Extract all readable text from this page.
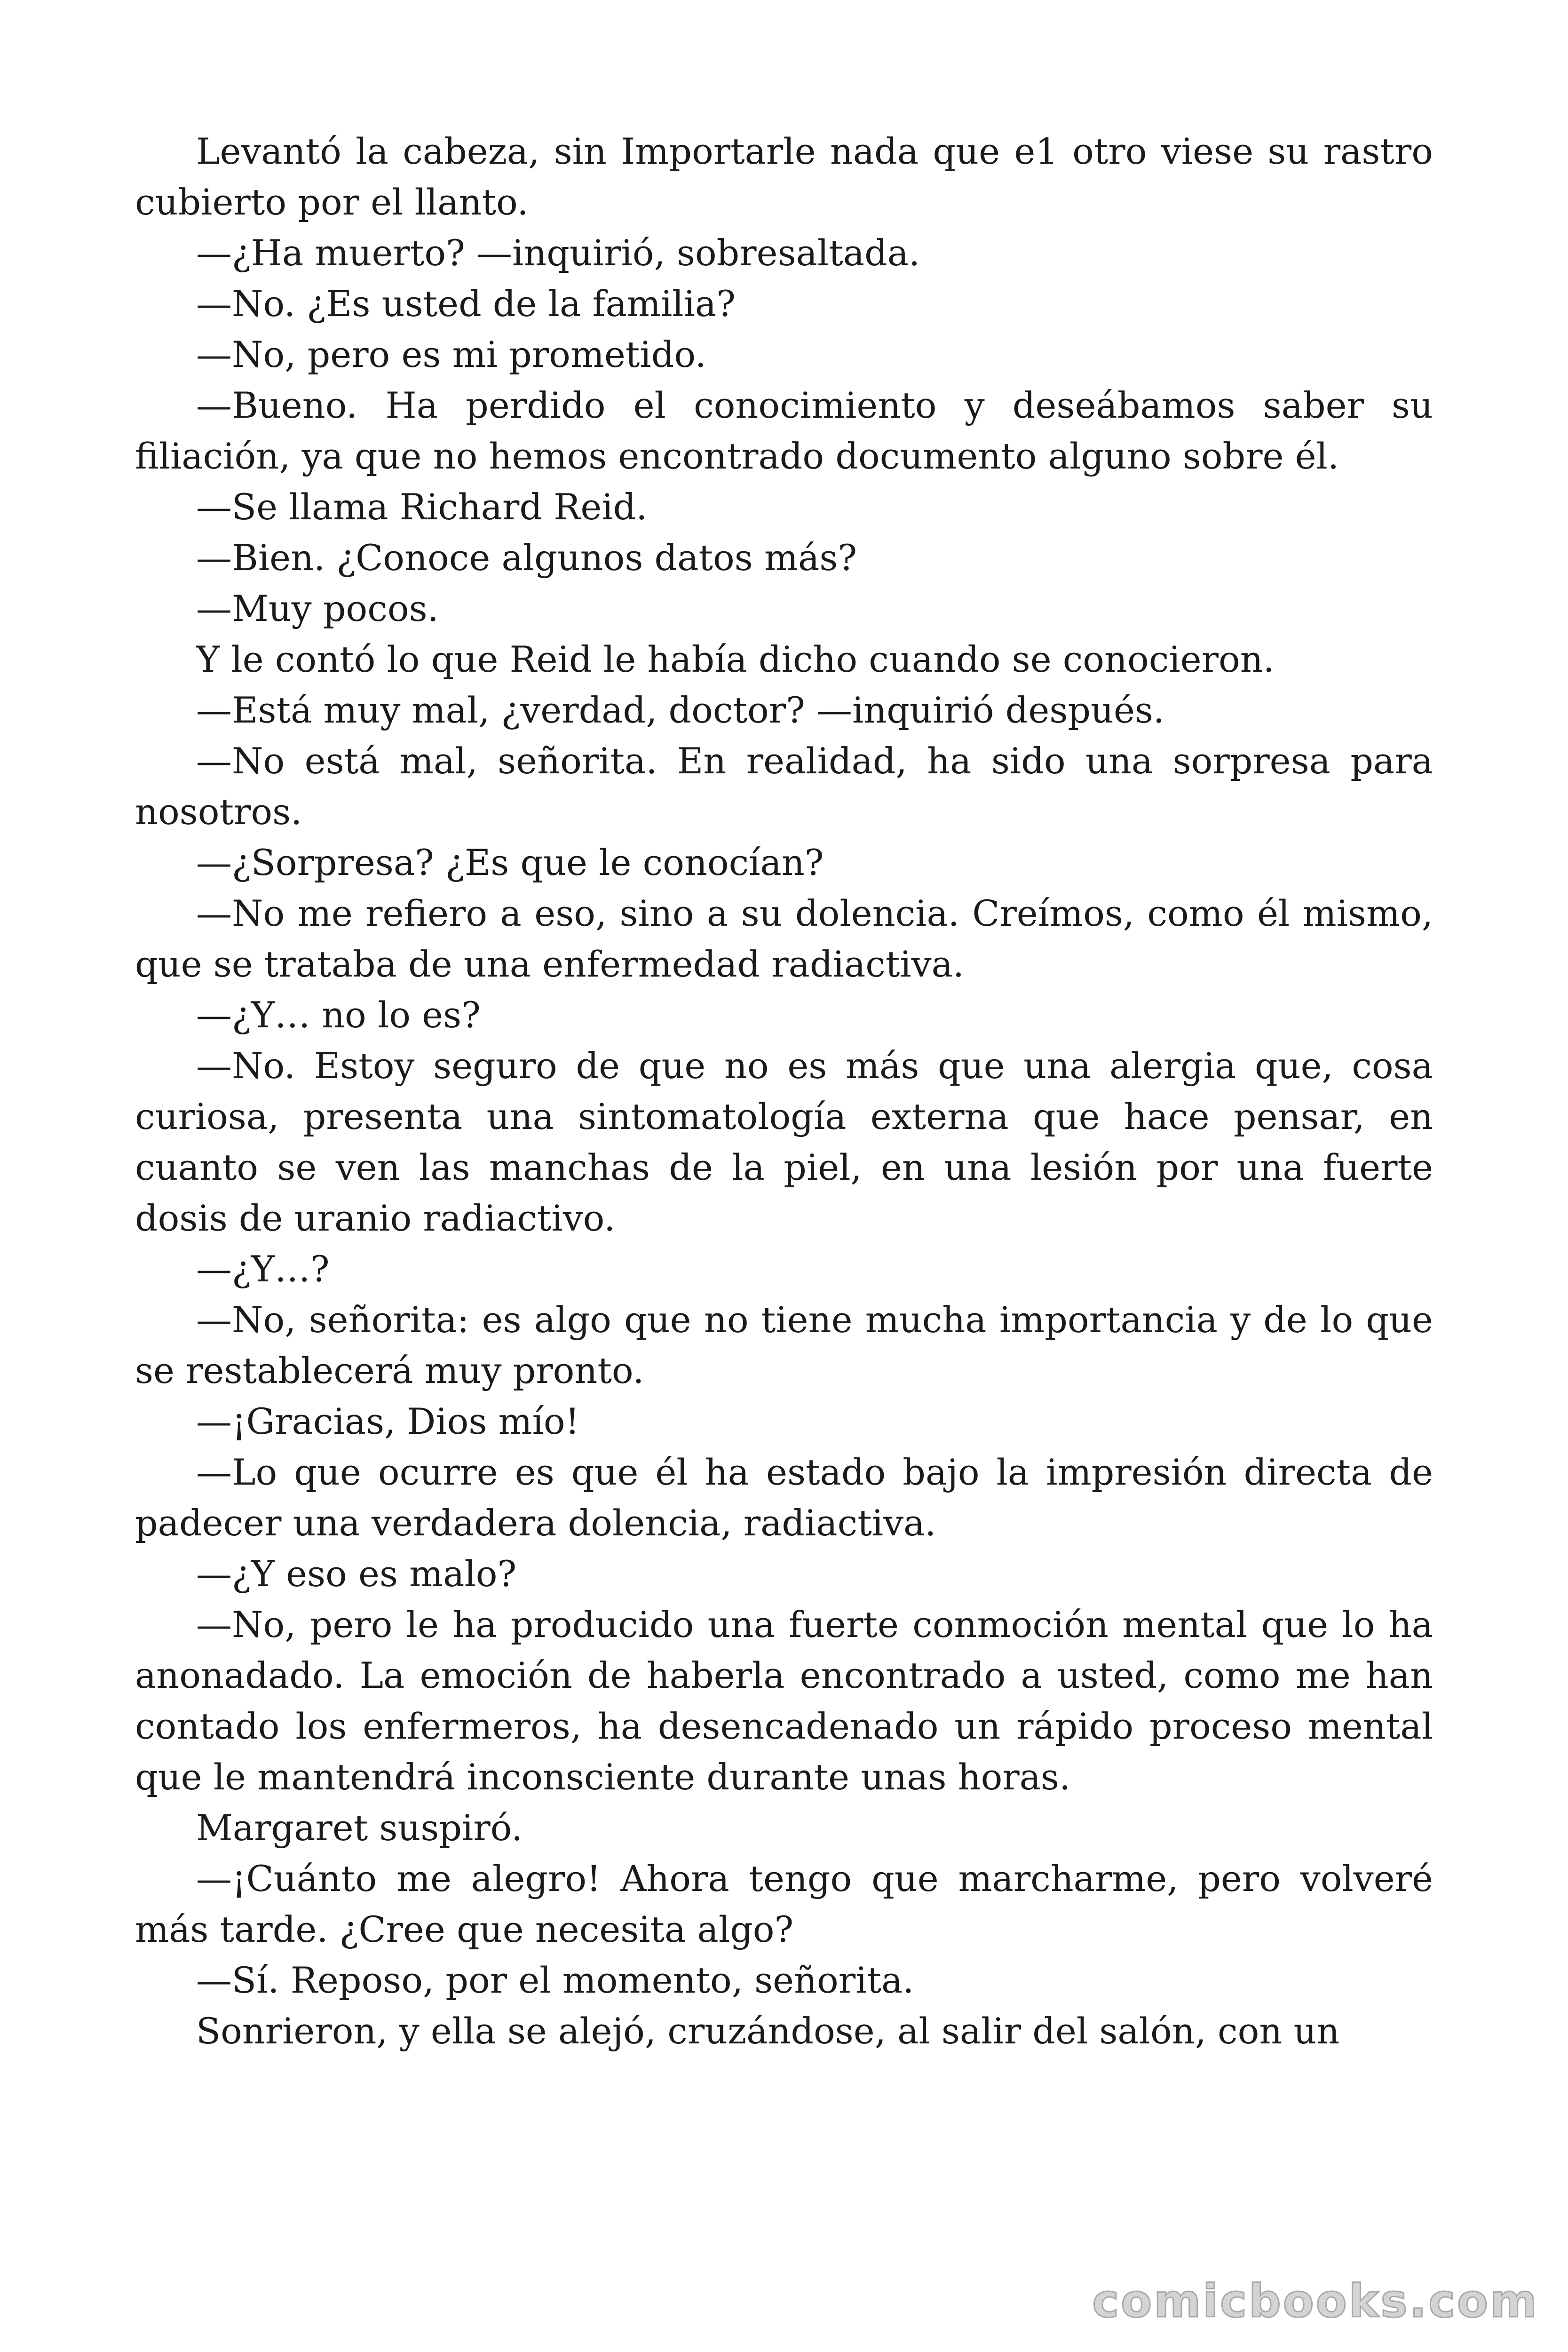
Levantó la cabeza, sin Importarle nada que e1 otro viese su rastro cubierto por el llanto.

—¿Ha muerto? —inquirió, sobresaltada.

—No. ¿Es usted de la familia?

—No, pero es mi prometido.

—Bueno. Ha perdido el conocimiento y deseábamos saber su filiación, ya que no hemos encontrado documento alguno sobre él.

—Se llama Richard Reid.

—Bien. ¿Conoce algunos datos más?

—Muy pocos.

Y le contó lo que Reid le había dicho cuando se conocieron.

—Está muy mal, ¿verdad, doctor? —inquirió después.

—No está mal, señorita. En realidad, ha sido una sorpresa para nosotros.

—¿Sorpresa? ¿Es que le conocían?

—No me refiero a eso, sino a su dolencia. Creímos, como él mismo, que se trataba de una enfermedad radiactiva.

—¿Y… no lo es?

—No. Estoy seguro de que no es más que una alergia que, cosa curiosa, presenta una sintomatología externa que hace pensar, en cuanto se ven las manchas de la piel, en una lesión por una fuerte dosis de uranio radiactivo.

—¿Y…?

—No, señorita: es algo que no tiene mucha importancia y de lo que se restablecerá muy pronto.

—¡Gracias, Dios mío!

—Lo que ocurre es que él ha estado bajo la impresión directa de padecer una verdadera dolencia, radiactiva.

—¿Y eso es malo?

—No, pero le ha producido una fuerte conmoción mental que lo ha anonadado. La emoción de haberla encontrado a usted, como me han contado los enfermeros, ha desencadenado un rápido proceso mental que le mantendrá inconsciente durante unas horas.

Margaret suspiró.

—¡Cuánto me alegro! Ahora tengo que marcharme, pero volveré más tarde. ¿Cree que necesita algo?

—Sí. Reposo, por el momento, señorita.

Sonrieron, y ella se alejó, cruzándose, al salir del salón, con un

comicbooks.com
